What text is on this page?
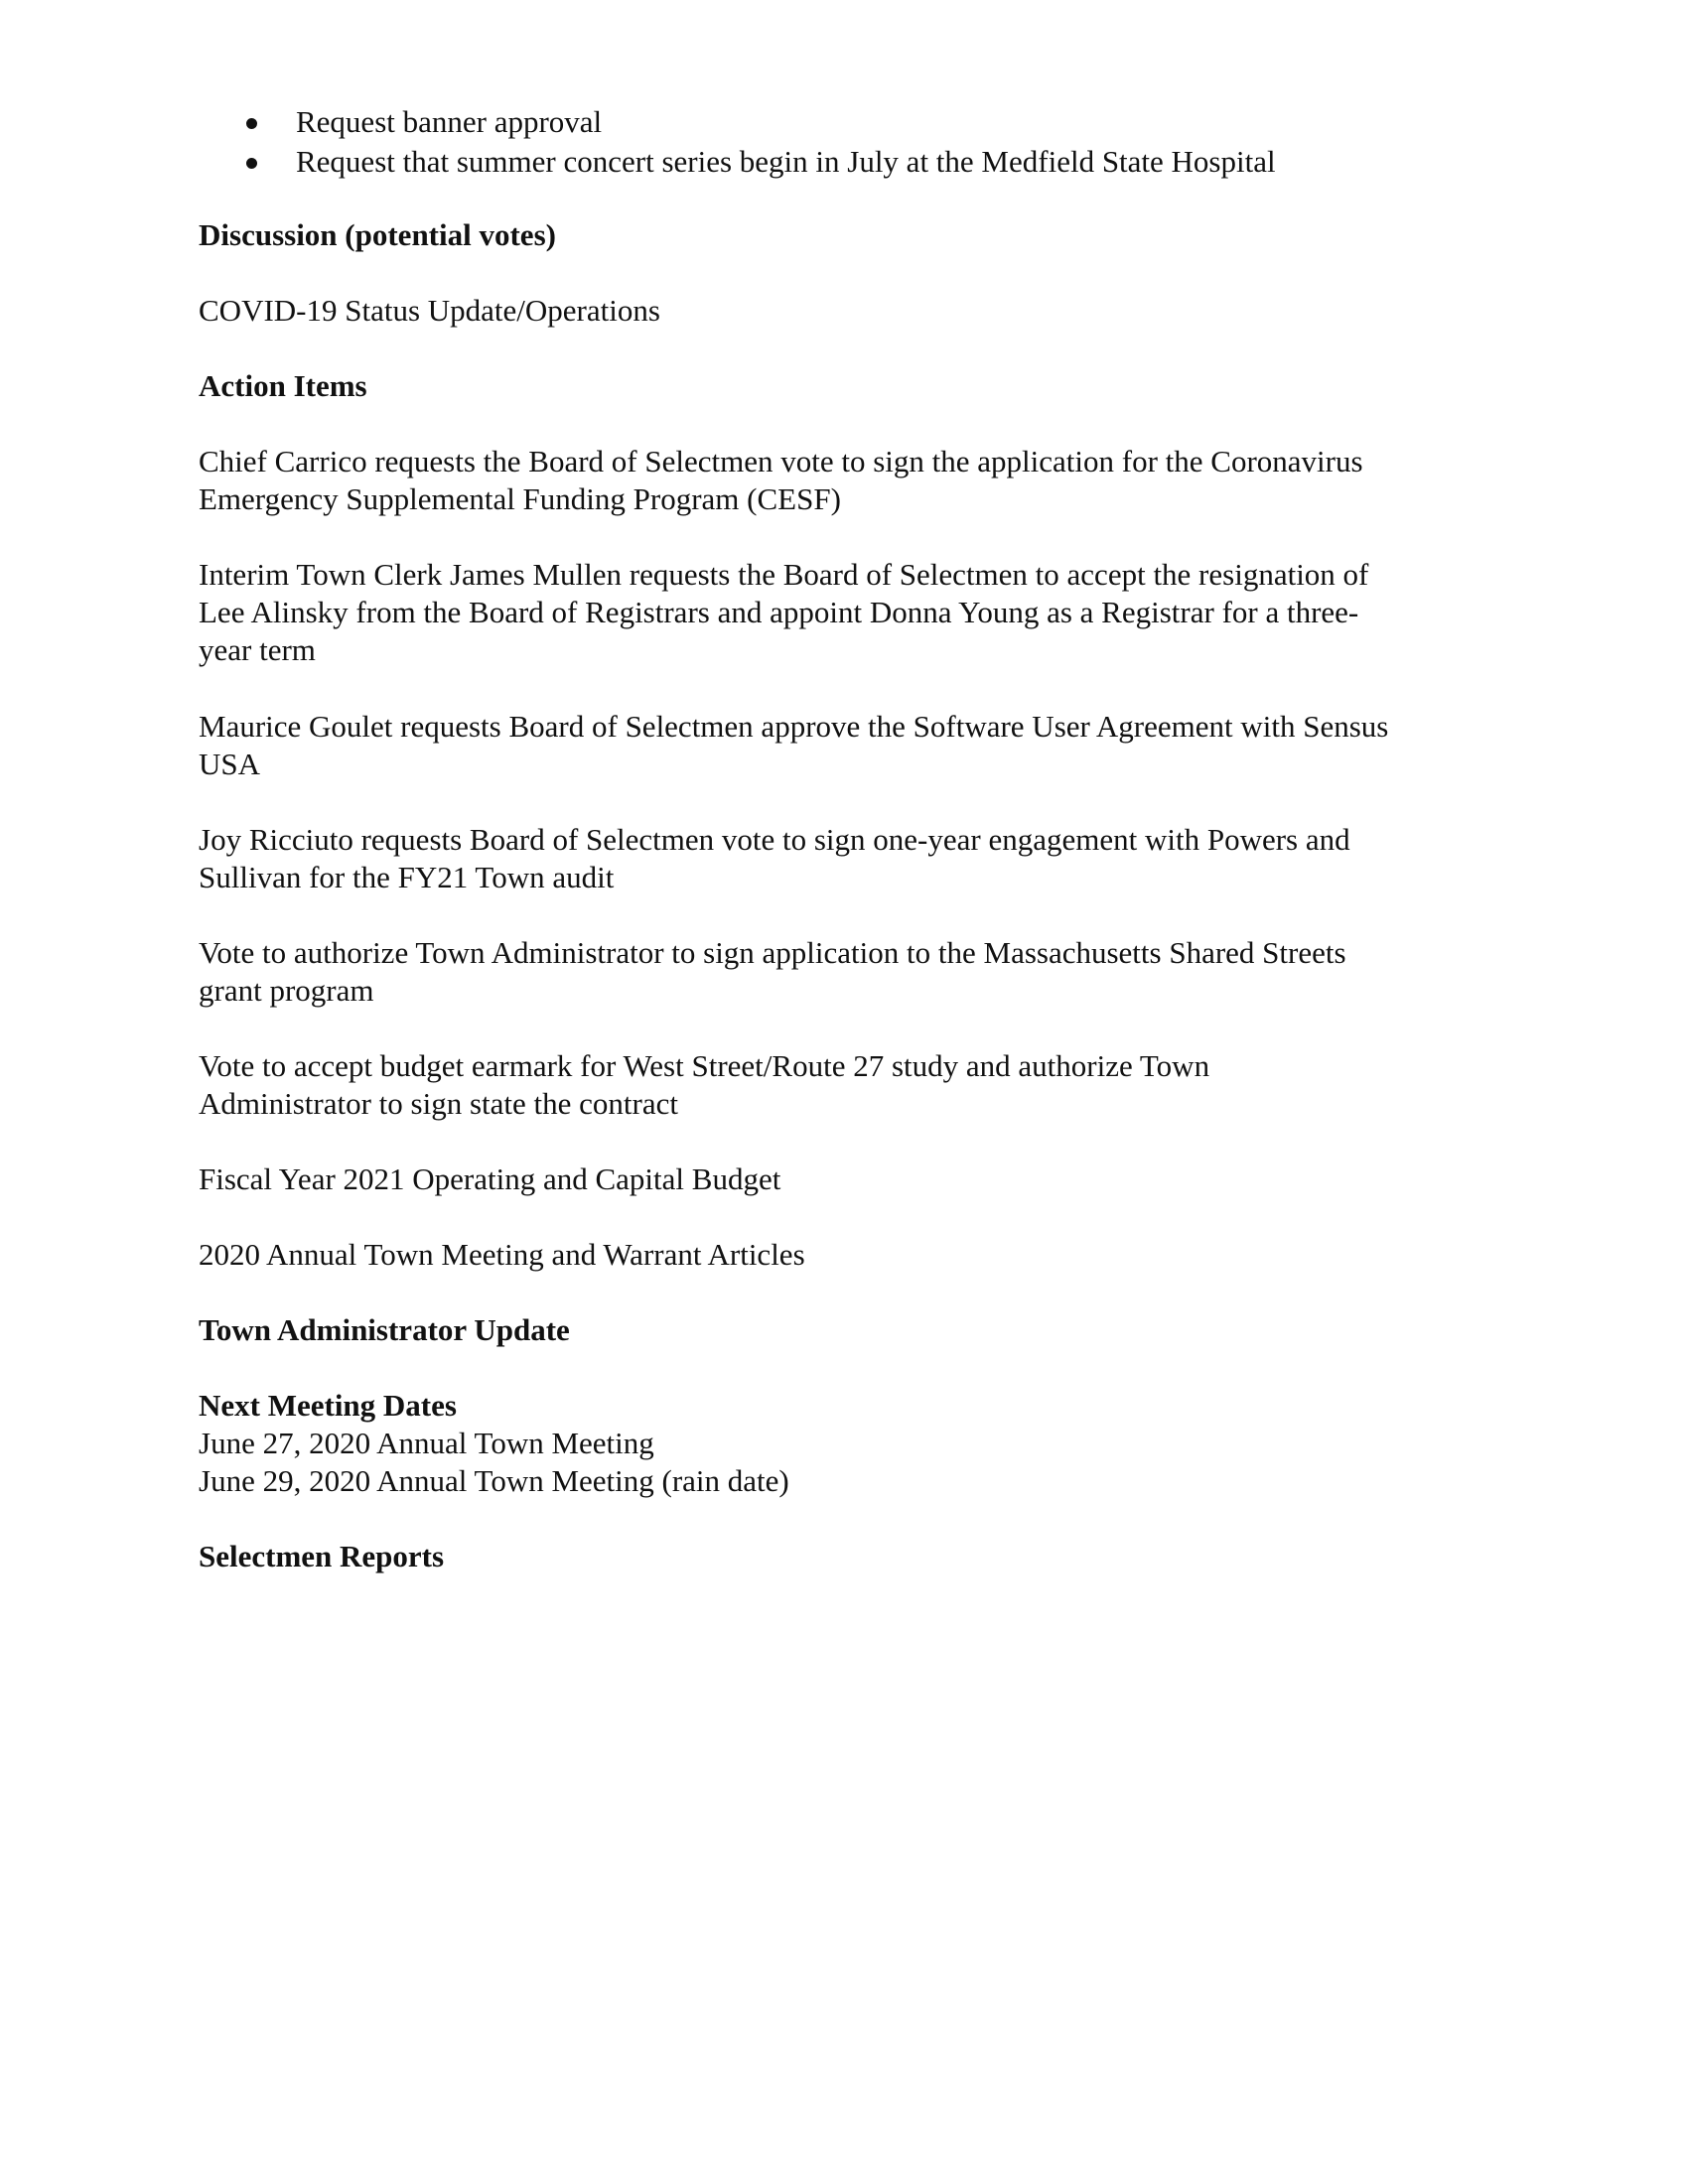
Request banner approval
Request that summer concert series begin in July at the Medfield State Hospital
Discussion (potential votes)
COVID-19 Status Update/Operations
Action Items
Chief Carrico requests the Board of Selectmen vote to sign the application for the Coronavirus
Emergency Supplemental Funding Program (CESF)
Interim Town Clerk James Mullen requests the Board of Selectmen to accept the resignation of
Lee Alinsky from the Board of Registrars and appoint Donna Young as a Registrar for a three-
year term
Maurice Goulet requests Board of Selectmen approve the Software User Agreement with Sensus
USA
Joy Ricciuto requests Board of Selectmen vote to sign one-year engagement with Powers and
Sullivan for the FY21 Town audit
Vote to authorize Town Administrator to sign application to the Massachusetts Shared Streets
grant program
Vote to accept budget earmark for West Street/Route 27 study and authorize Town
Administrator to sign state the contract
Fiscal Year 2021 Operating and Capital Budget
2020 Annual Town Meeting and Warrant Articles
Town Administrator Update
Next Meeting Dates
June 27, 2020 Annual Town Meeting
June 29, 2020 Annual Town Meeting (rain date)
Selectmen Reports
